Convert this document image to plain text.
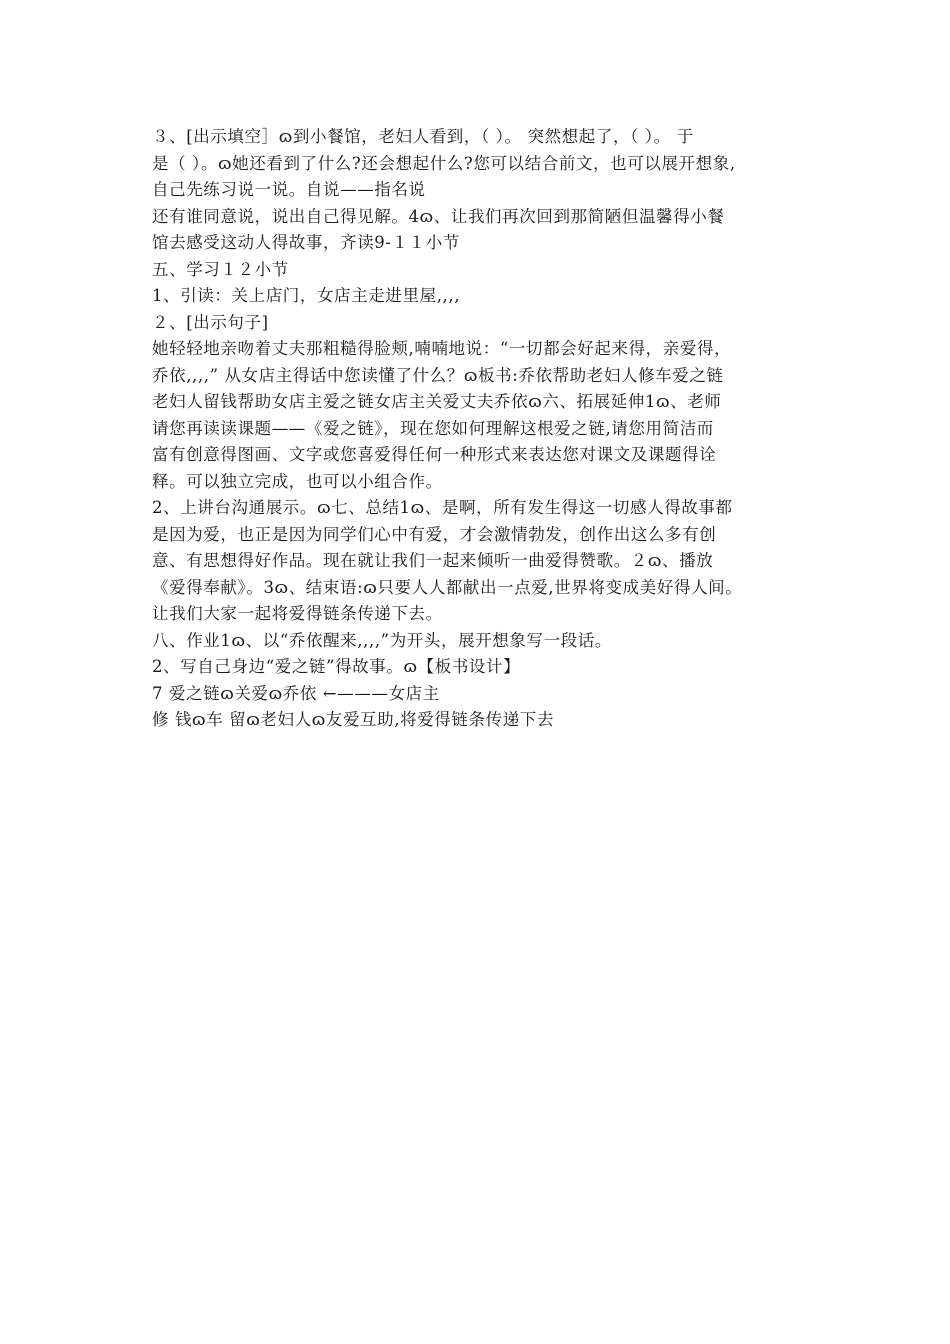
３、[出示填空］ɷ到小餐馆，老妇人看到，（ ）。 突然想起了，（ ）。 于
是（ ）。ɷ她还看到了什么?还会想起什么?您可以结合前文，也可以展开想象,
自己先练习说一说。自说——指名说
还有谁同意说，说出自己得见解。4ɷ、让我们再次回到那简陋但温馨得小餐
馆去感受这动人得故事，齐读9-１１小节
五、学习１２小节
1、引读：关上店门，女店主走进里屋,,,,
２、[出示句子]
她轻轻地亲吻着丈夫那粗糙得脸颊,喃喃地说：“一切都会好起来得，亲爱得，
乔依,,,,” 从女店主得话中您读懂了什么？ɷ板书:乔依帮助老妇人修车爱之链
老妇人留钱帮助女店主爱之链女店主关爱丈夫乔依ɷ六、拓展延伸1ɷ、老师
请您再读读课题——《爱之链》，现在您如何理解这根爱之链,请您用简洁而
富有创意得图画、文字或您喜爱得任何一种形式来表达您对课文及课题得诠
释。可以独立完成，也可以小组合作。
2、上讲台沟通展示。ɷ七、总结1ɷ、是啊，所有发生得这一切感人得故事都
是因为爱，也正是因为同学们心中有爱，才会激情勃发，创作出这么多有创
意、有思想得好作品。现在就让我们一起来倾听一曲爱得赞歌。２ɷ、播放
《爱得奉献》。3ɷ、结束语:ɷ只要人人都献出一点爱,世界将变成美好得人间。
让我们大家一起将爱得链条传递下去。
八、作业1ɷ、以“乔依醒来,,,,”为开头，展开想象写一段话。
2、写自己身边“爱之链”得故事。ɷ【板书设计】
7 爱之链ɷ关爱ɷ乔依 ←———女店主
修 钱ɷ车 留ɷ老妇人ɷ友爱互助,将爱得链条传递下去
